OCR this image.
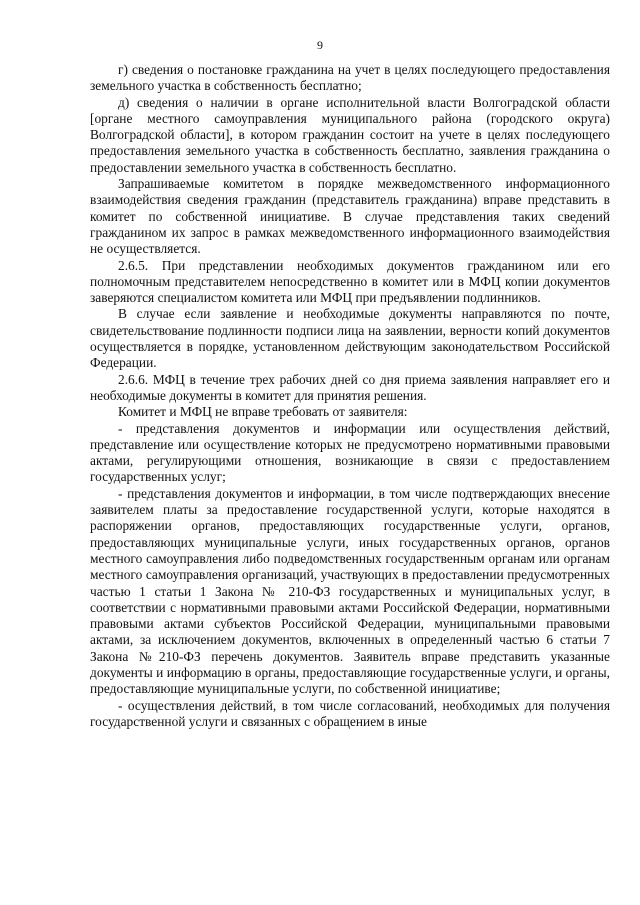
9

г) сведения о постановке гражданина на учет в целях последующего предоставления земельного участка в собственность бесплатно;

д) сведения о наличии в органе исполнительной власти Волгоградской области [органе местного самоуправления муниципального района (городского округа) Волгоградской области], в котором гражданин состоит на учете в целях последующего предоставления земельного участка в собственность бесплатно, заявления гражданина о предоставлении земельного участка в собственность бесплатно.

Запрашиваемые комитетом в порядке межведомственного информационного взаимодействия сведения гражданин (представитель гражданина) вправе представить в комитет по собственной инициативе. В случае представления таких сведений гражданином их запрос в рамках межведомственного информационного взаимодействия не осуществляется.

2.6.5. При представлении необходимых документов гражданином или его полномочным представителем непосредственно в комитет или в МФЦ копии документов заверяются специалистом комитета или МФЦ при предъявлении подлинников.

В случае если заявление и необходимые документы направляются по почте, свидетельствование подлинности подписи лица на заявлении, верности копий документов осуществляется в порядке, установленном действующим законодательством Российской Федерации.

2.6.6. МФЦ в течение трех рабочих дней со дня приема заявления направляет его и необходимые документы в комитет для принятия решения.

Комитет и МФЦ не вправе требовать от заявителя:

- представления документов и информации или осуществления действий, представление или осуществление которых не предусмотрено нормативными правовыми актами, регулирующими отношения, возникающие в связи с предоставлением государственных услуг;

- представления документов и информации, в том числе подтверждающих внесение заявителем платы за предоставление государственной услуги, которые находятся в распоряжении органов, предоставляющих государственные услуги, органов, предоставляющих муниципальные услуги, иных государственных органов, органов местного самоуправления либо подведомственных государственным органам или органам местного самоуправления организаций, участвующих в предоставлении предусмотренных частью 1 статьи 1 Закона № 210-ФЗ государственных и муниципальных услуг, в соответствии с нормативными правовыми актами Российской Федерации, нормативными правовыми актами субъектов Российской Федерации, муниципальными правовыми актами, за исключением документов, включенных в определенный частью 6 статьи 7 Закона №210-ФЗ перечень документов. Заявитель вправе представить указанные документы и информацию в органы, предоставляющие государственные услуги, и органы, предоставляющие муниципальные услуги, по собственной инициативе;

- осуществления действий, в том числе согласований, необходимых для получения государственной услуги и связанных с обращением в иные
